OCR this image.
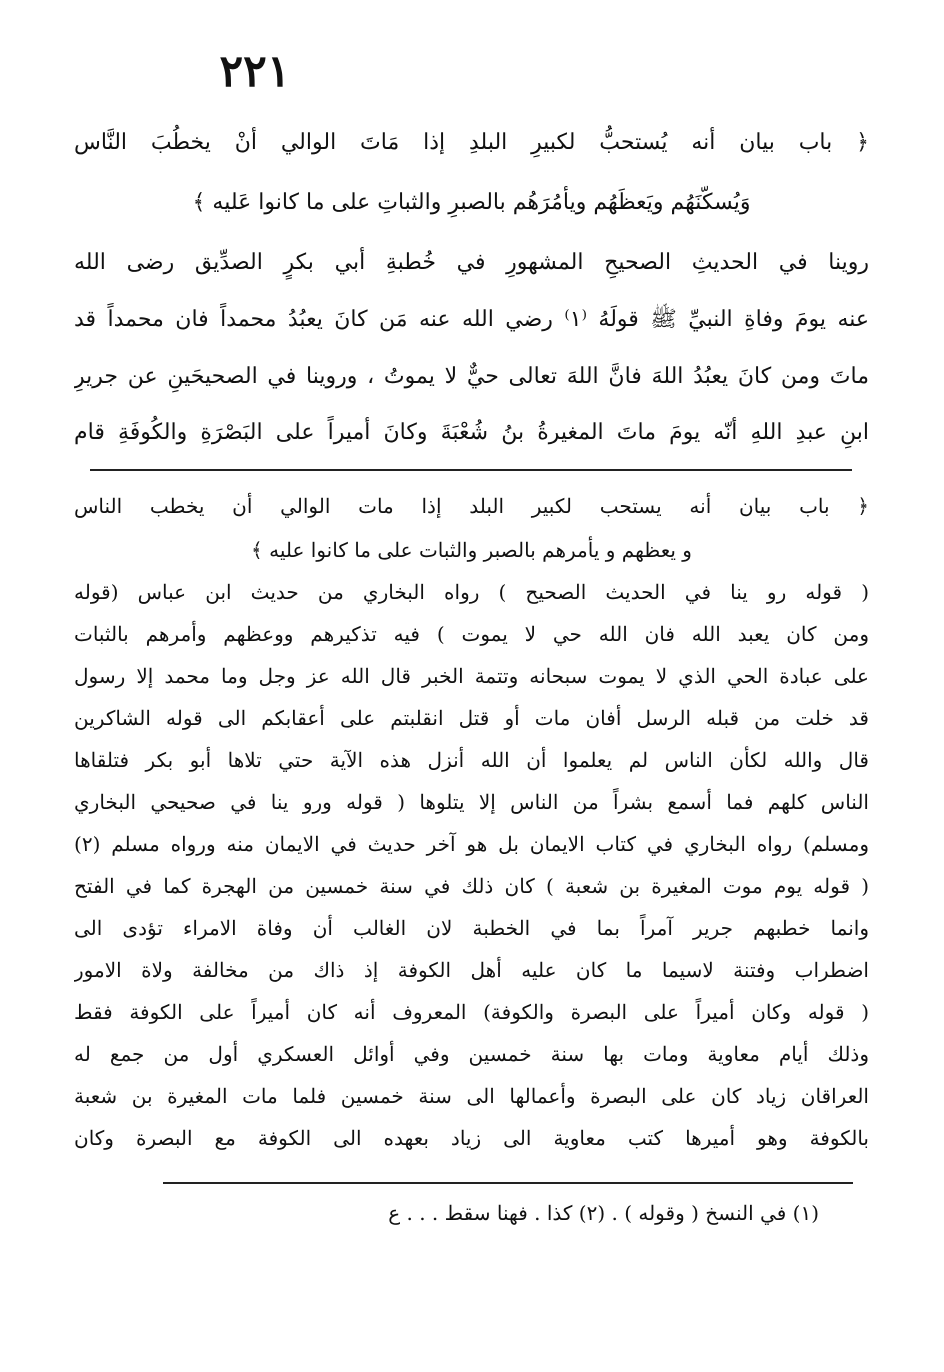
٢٢١
﴿ باب بيان أنه يُستحبُّ لكبيرِ البلدِ إذا مَاتَ الوالي أنْ يخطُبَ النَّاس
وَيُسكّنَهُم ويَعظَهُم ويأمُرَهُم بالصبرِ والثباتِ على ما كانوا عَليه ﴾
روينا في الحديثِ الصحيحِ المشهورِ في خُطبةِ أبي بكرٍ الصدِّيق رضى الله
عنه يومَ وفاةِ النبيِّ ﷺ قولَهُ ⁽١⁾ رضي الله عنه مَن كانَ يعبُدُ محمداً فان محمداً قد
ماتَ ومن كانَ يعبُدُ اللهَ فانَّ اللهَ تعالى حيٌّ لا يموتُ ، وروينا في الصحيحَينِ عن جريرِ
ابنِ عبدِ اللهِ أنّه يومَ ماتَ المغيرةُ بنُ شُعْبَةَ وكانَ أميراً على البَصْرَةِ والكُوفَةِ قام
﴿ باب بيان أنه يستحب لكبير البلد إذا مات الوالي أن يخطب الناس
و يعظهم و يأمرهم بالصبر والثبات على ما كانوا عليه ﴾
( قوله رو ينا في الحديث الصحيح ) رواه البخاري من حديث ابن عباس (قوله
ومن كان يعبد الله فان الله حي لا يموت ) فيه تذكيرهم ووعظهم وأمرهم بالثبات
على عبادة الحي الذي لا يموت سبحانه وتتمة الخبر قال الله عز وجل وما محمد إلا رسول
قد خلت من قبله الرسل أفان مات أو قتل انقلبتم على أعقابكم الى قوله الشاكرين
قال والله لكأن الناس لم يعلموا أن الله أنزل هذه الآية حتي تلاها أبو بكر فتلقاها
الناس كلهم فما أسمع بشراً من الناس إلا يتلوها ( قوله ورو ينا في صحيحي البخاري
ومسلم) رواه البخاري في كتاب الايمان بل هو آخر حديث في الايمان منه ورواه مسلم (٢)
( قوله يوم موت المغيرة بن شعبة ) كان ذلك في سنة خمسين من الهجرة كما في الفتح
وانما خطبهم جرير آمراً بما في الخطبة لان الغالب أن وفاة الامراء تؤدى الى
اضطراب وفتنة لاسيما ما كان عليه أهل الكوفة إذ ذاك من مخالفة ولاة الامور
( قوله وكان أميراً على البصرة والكوفة) المعروف أنه كان أميراً على الكوفة فقط
وذلك أيام معاوية ومات بها سنة خمسين وفي أوائل العسكري أول من جمع له
العراقان زياد كان على البصرة وأعمالها الى سنة خمسين فلما مات المغيرة بن شعبة
بالكوفة وهو أميرها كتب معاوية الى زياد بعهده الى الكوفة مع البصرة وكان
(١) في النسخ ( وقوله ) . (٢) كذا . فهنا سقط . . . ع
